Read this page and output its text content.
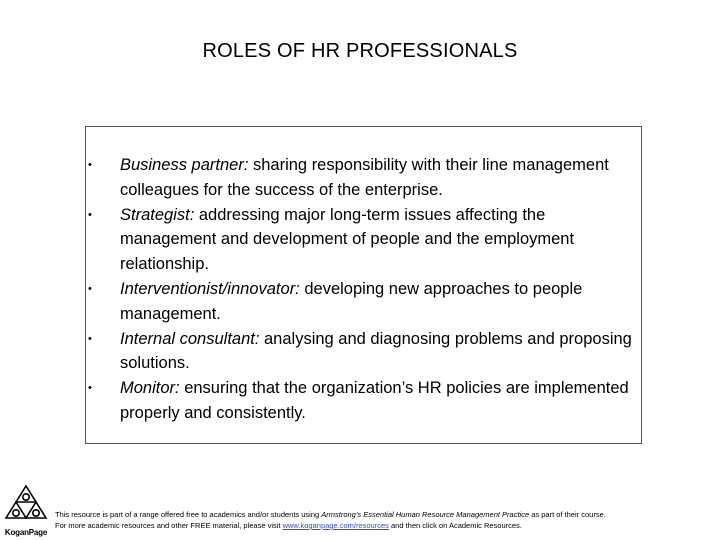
ROLES OF HR PROFESSIONALS
• Business partner: sharing responsibility with their line management colleagues for the success of the enterprise.
• Strategist: addressing major long-term issues affecting the management and development of people and the employment relationship.
• Interventionist/innovator: developing new approaches to people management.
• Internal consultant: analysing and diagnosing problems and proposing solutions.
• Monitor: ensuring that the organization’s HR policies are implemented properly and consistently.
KoganPage
This resource is part of a range offered free to academics and/or students using Armstrong’s Essential Human Resource Management Practice as part of their course.
For more academic resources and other FREE material, please visit www.koganpage.com/resources and then click on Academic Resources.
